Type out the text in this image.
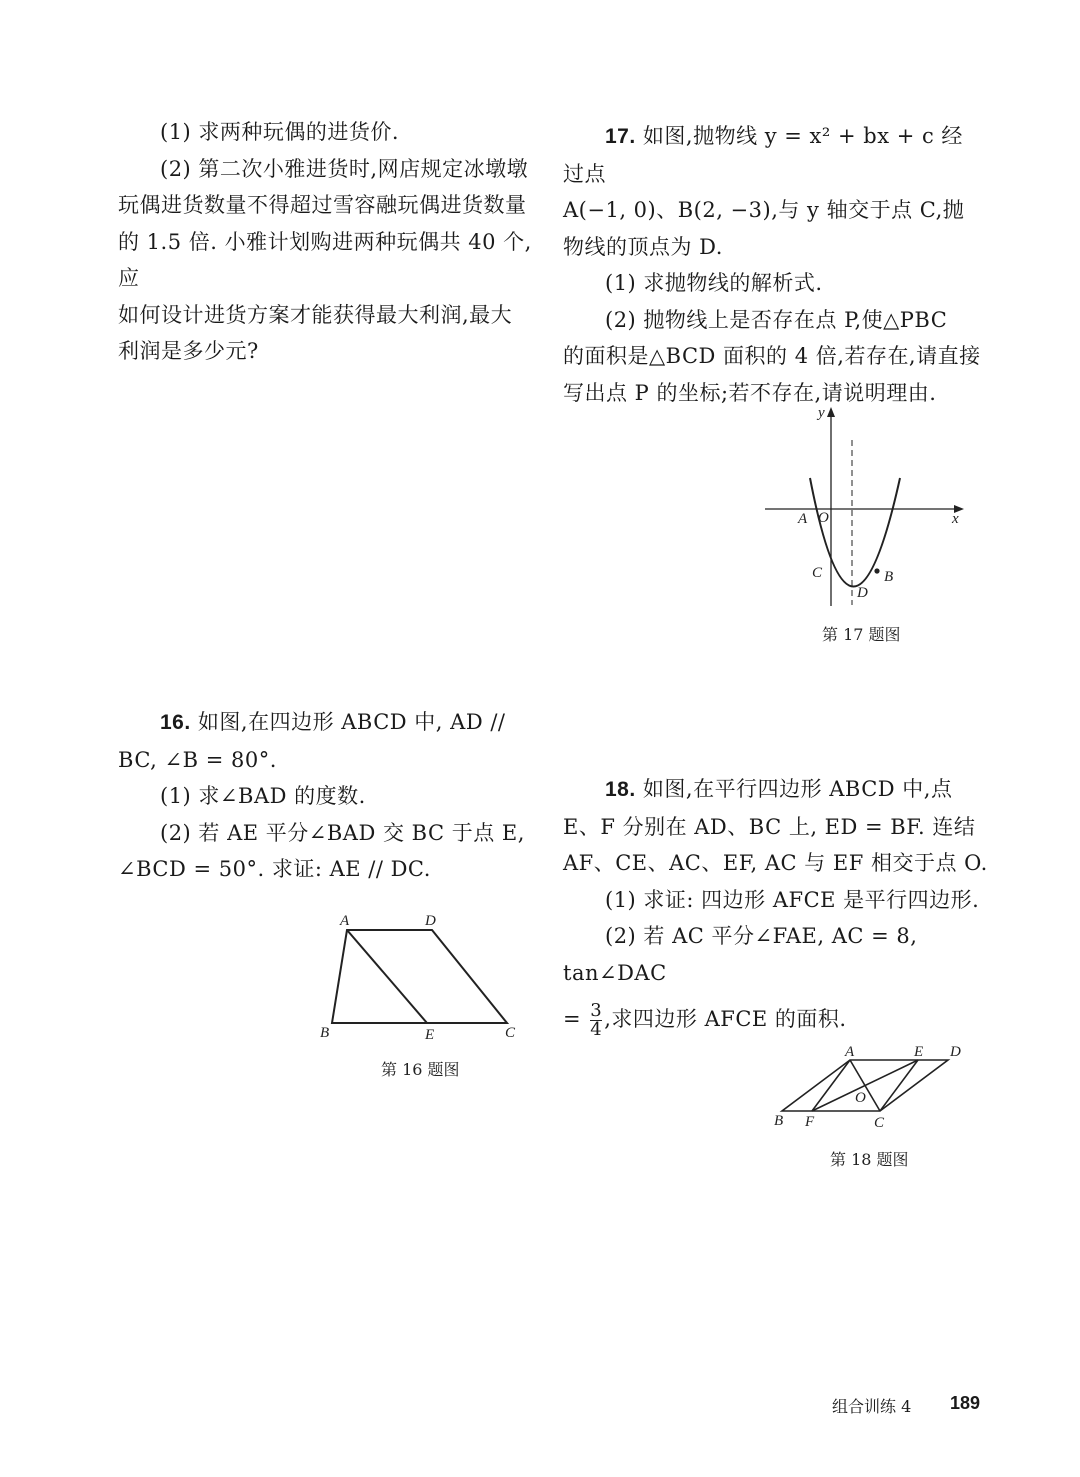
(1) 求两种玩偶的进货价.

(2) 第二次小雅进货时,网店规定冰墩墩

玩偶进货数量不得超过雪容融玩偶进货数量

的 1.5 倍. 小雅计划购进两种玩偶共 40 个,应

如何设计进货方案才能获得最大利润,最大

利润是多少元?

17. 如图,抛物线 y = x² + bx + c 经过点

A(−1, 0)、B(2, −3),与 y 轴交于点 C,抛

物线的顶点为 D.

(1) 求抛物线的解析式.

(2) 抛物线上是否存在点 P,使△PBC

的面积是△BCD 面积的 4 倍,若存在,请直接

写出点 P 的坐标;若不存在,请说明理由.

y
x
A O
C	B
D
第 17 题图

16. 如图,在四边形 ABCD 中, AD //

BC, ∠B = 80°.

(1) 求∠BAD 的度数.

(2) 若 AE 平分∠BAD 交 BC 于点 E,

∠BCD = 50°. 求证: AE // DC.

A	D
B	E	C
第 16 题图

18. 如图,在平行四边形 ABCD 中,点

E、F 分别在 AD、BC 上, ED = BF. 连结

AF、CE、AC、EF, AC 与 EF 相交于点 O.

(1) 求证: 四边形 AFCE 是平行四边形.

(2) 若 AC 平分∠FAE, AC = 8, tan∠DAC

= $\frac{3}{4}$ ,求四边形 AFCE 的面积.

A	E D
O
B F	C
第 18 题图
组合训练 4 189
